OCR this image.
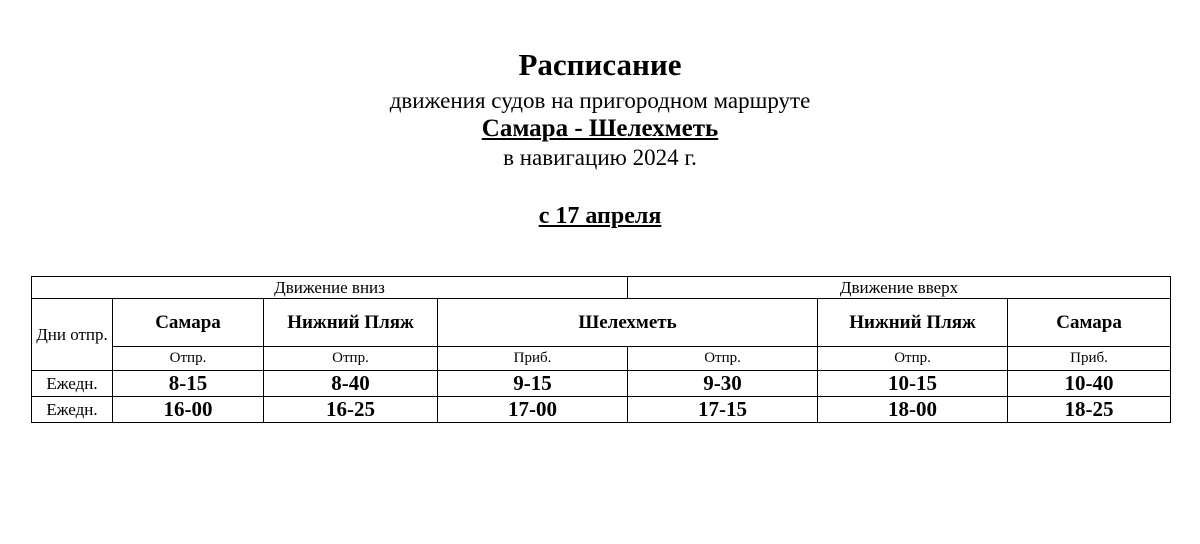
Расписание
движения судов на пригородном маршруте
Самара - Шелехметь
в навигацию 2024 г.
с 17 апреля
Движение вниз				Движение вверх		
Дни отпр.	Самара	Нижний Пляж	Шелехметь		Нижний Пляж	Самара
	Отпр.	Отпр.	Приб.	Отпр.	Отпр.	Приб.
Ежедн.	8-15	8-40	9-15	9-30	10-15	10-40
Ежедн.	16-00	16-25	17-00	17-15	18-00	18-25
